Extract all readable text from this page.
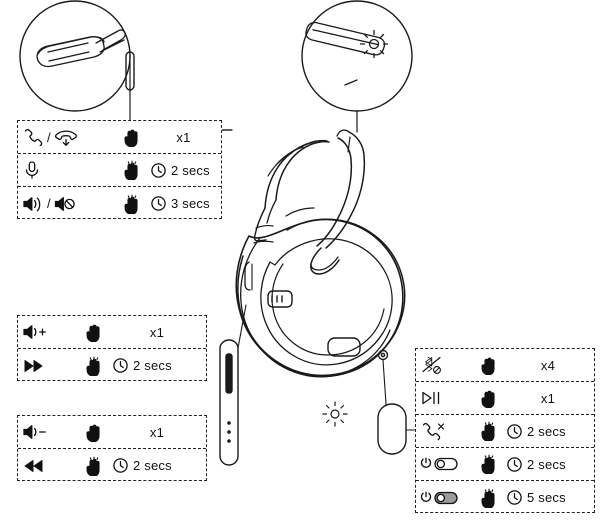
/	x1
2 secs
/	3 secs
x1
2 secs
x1
2 secs
x4
x1
2 secs
2 secs
5 secs
